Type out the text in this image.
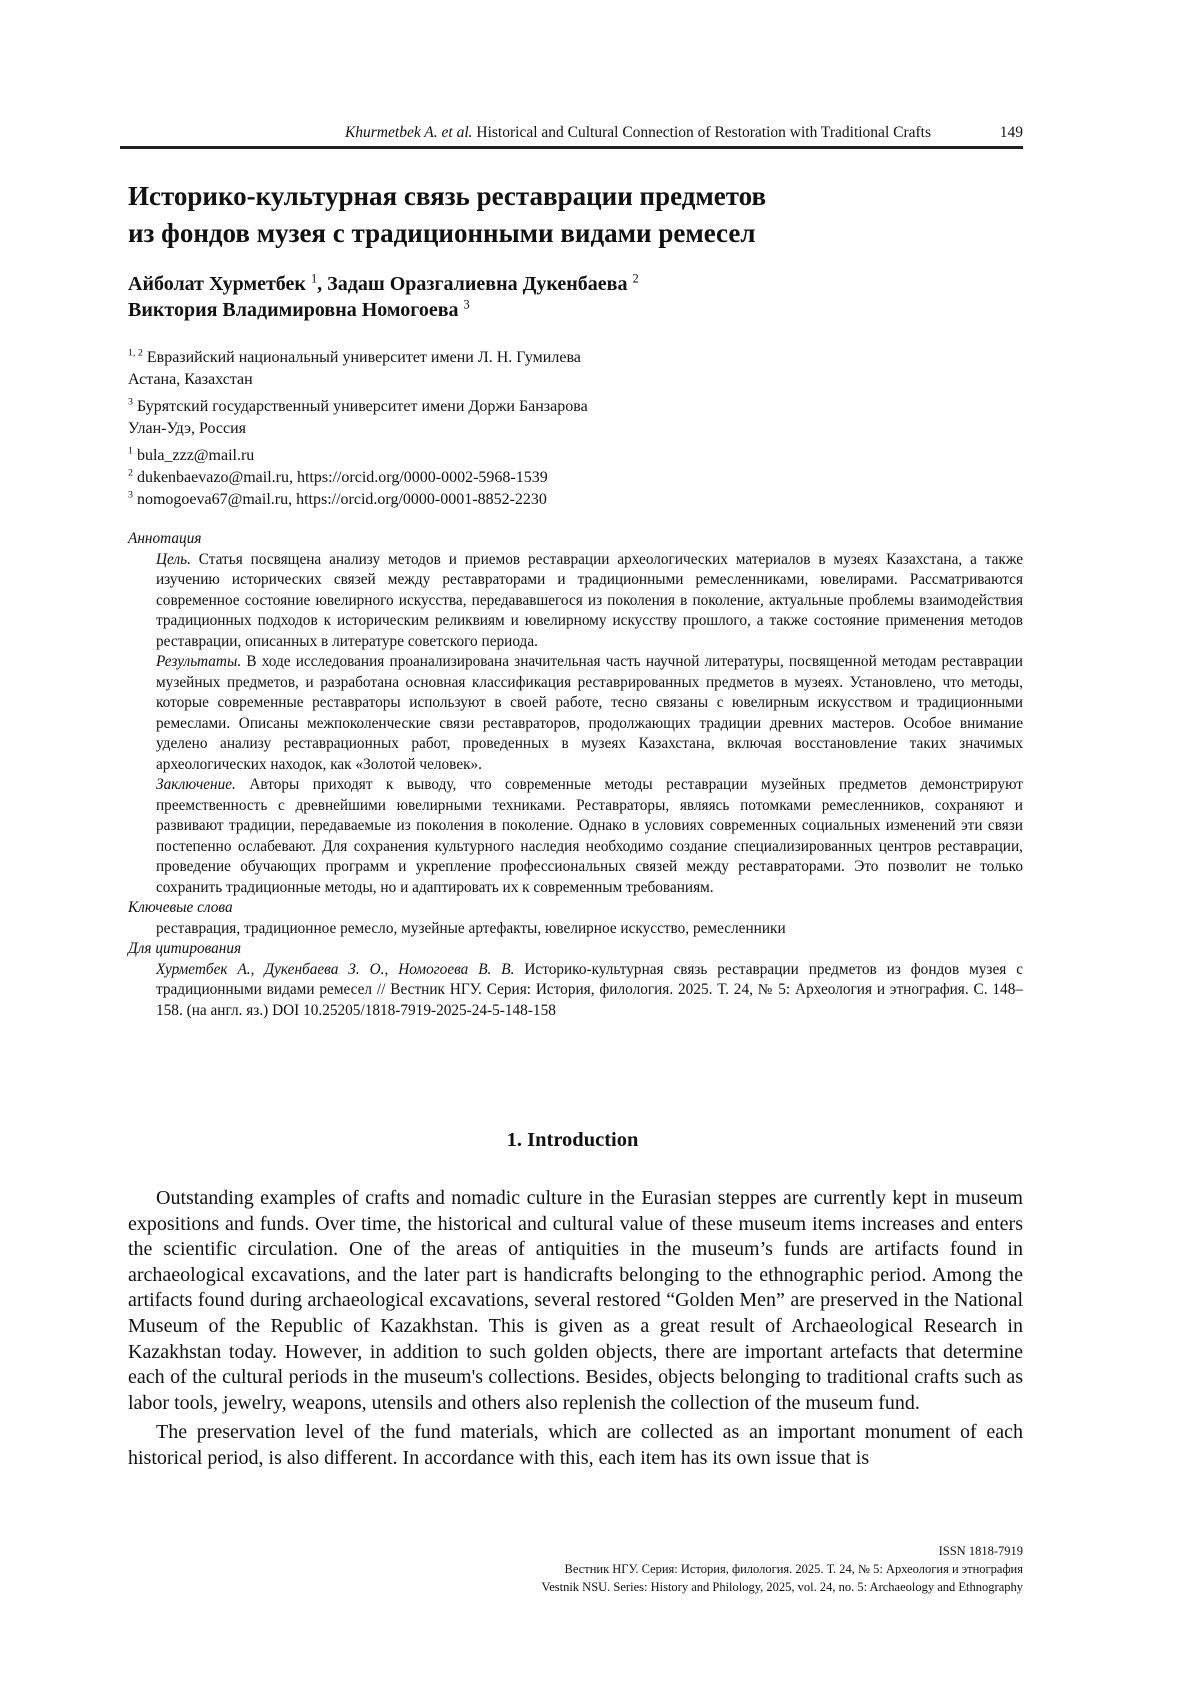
Khurmetbek A. et al. Historical and Cultural Connection of Restoration with Traditional Crafts	149
Историко-культурная связь реставрации предметов
из фондов музея с традиционными видами ремесел
Айболат Хурметбек $^1$, Задаш Оразгалиевна Дукенбаева $^2$
Виктория Владимировна Номогоева $^3$
$^{1, 2}$ Евразийский национальный университет имени Л. Н. Гумилева
Астана, Казахстан
$^3$ Бурятский государственный университет имени Доржи Банзарова
Улан-Удэ, Россия
$^1$ bula_zzz@mail.ru
$^2$ dukenbaevazo@mail.ru, https://orcid.org/0000-0002-5968-1539
$^3$ nomogoeva67@mail.ru, https://orcid.org/0000-0001-8852-2230
Аннотация
Цель. Статья посвящена анализу методов и приемов реставрации археологических материалов в музеях Казахстана, а также изучению исторических связей между реставраторами и традиционными ремесленниками, ювелирами. Рассматриваются современное состояние ювелирного искусства, передававшегося из поколения в поколение, актуальные проблемы взаимодействия традиционных подходов к историческим реликвиям и ювелирному искусству прошлого, а также состояние применения методов реставрации, описанных в литературе советского периода.
Результаты. В ходе исследования проанализирована значительная часть научной литературы, посвященной методам реставрации музейных предметов, и разработана основная классификация реставрированных предметов в музеях. Установлено, что методы, которые современные реставраторы используют в своей работе, тесно связаны с ювелирным искусством и традиционными ремеслами. Описаны межпоколенческие связи реставраторов, продолжающих традиции древних мастеров. Особое внимание уделено анализу реставрационных работ, проведенных в музеях Казахстана, включая восстановление таких значимых археологических находок, как «Золотой человек».
Заключение. Авторы приходят к выводу, что современные методы реставрации музейных предметов демонстрируют преемственность с древнейшими ювелирными техниками. Реставраторы, являясь потомками ремесленников, сохраняют и развивают традиции, передаваемые из поколения в поколение. Однако в условиях современных социальных изменений эти связи постепенно ослабевают. Для сохранения культурного наследия необходимо создание специализированных центров реставрации, проведение обучающих программ и укрепление профессиональных связей между реставраторами. Это позволит не только сохранить традиционные методы, но и адаптировать их к современным требованиям.
Ключевые слова
реставрация, традиционное ремесло, музейные артефакты, ювелирное искусство, ремесленники
Для цитирования
Хурметбек А., Дукенбаева З. О., Номогоева В. В. Историко-культурная связь реставрации предметов из фондов музея с традиционными видами ремесел // Вестник НГУ. Серия: История, филология. 2025. Т. 24, № 5: Археология и этнография. С. 148–158. (на англ. яз.) DOI 10.25205/1818-7919-2025-24-5-148-158
1. Introduction

Outstanding examples of crafts and nomadic culture in the Eurasian steppes are currently kept in museum expositions and funds. Over time, the historical and cultural value of these museum items increases and enters the scientific circulation. One of the areas of antiquities in the museum’s funds are artifacts found in archaeological excavations, and the later part is handicrafts belonging to the ethnographic period. Among the artifacts found during archaeological excavations, several restored “Golden Men” are preserved in the National Museum of the Republic of Kazakhstan. This is given as a great result of Archaeological Research in Kazakhstan today. However, in addition to such golden objects, there are important artefacts that determine each of the cultural periods in the museum's collections. Besides, objects belonging to traditional crafts such as labor tools, jewelry, weapons, utensils and others also replenish the collection of the museum fund.

The preservation level of the fund materials, which are collected as an important monument of each historical period, is also different. In accordance with this, each item has its own issue that is

ISSN 1818-7919
Вестник НГУ. Серия: История, филология. 2025. Т. 24, № 5: Археология и этнография
Vestnik NSU. Series: History and Philology, 2025, vol. 24, no. 5: Archaeology and Ethnography
